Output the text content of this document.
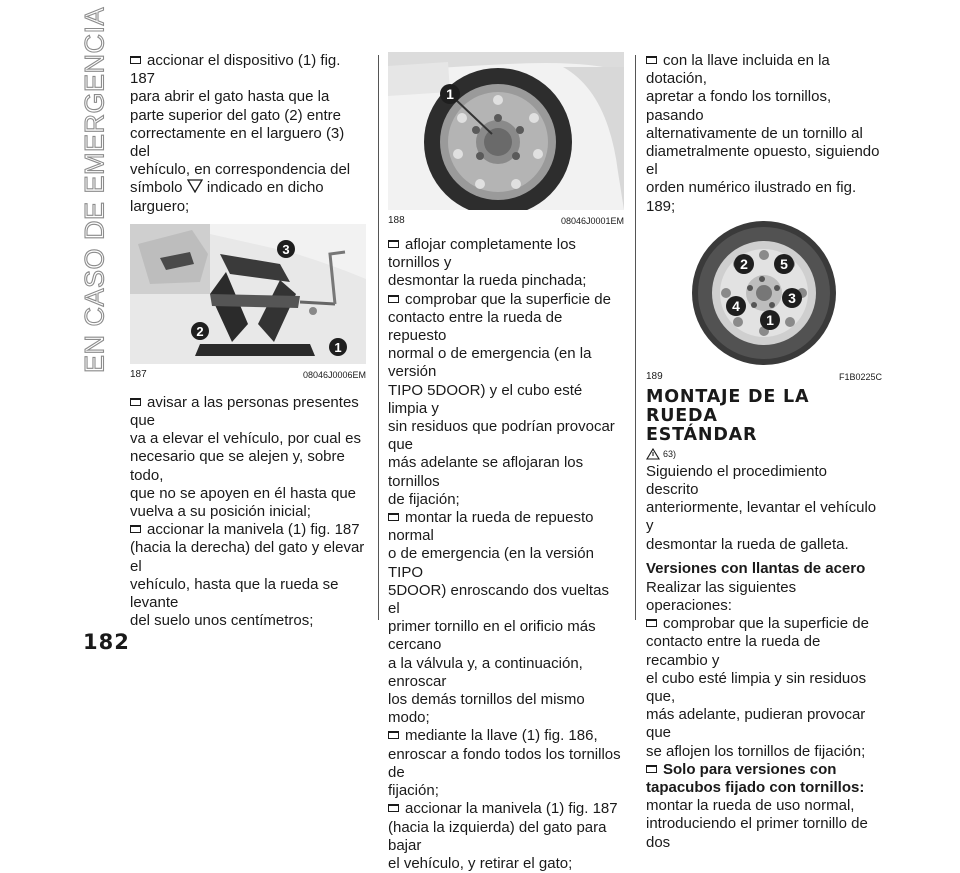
EN CASO DE EMERGENCIA
182

accionar el dispositivo (1) fig. 187
para abrir el gato hasta que la
parte superior del gato (2) entre
correctamente en el larguero (3) del
vehículo, en correspondencia del
símbolo indicado en dicho larguero;

3
2
1
187	08046J0006EM

avisar a las personas presentes que
va a elevar el vehículo, por cual es
necesario que se alejen y, sobre todo,
que no se apoyen en él hasta que
vuelva a su posición inicial;

accionar la manivela (1) fig. 187
(hacia la derecha) del gato y elevar el
vehículo, hasta que la rueda se levante
del suelo unos centímetros;

1
188	08046J0001EM

aflojar completamente los tornillos y
desmontar la rueda pinchada;

comprobar que la superficie de
contacto entre la rueda de repuesto
normal o de emergencia (en la versión
TIPO 5DOOR) y el cubo esté limpia y
sin residuos que podrían provocar que
más adelante se aflojaran los tornillos
de fijación;

montar la rueda de repuesto normal
o de emergencia (en la versión TIPO
5DOOR) enroscando dos vueltas el
primer tornillo en el orificio más cercano
a la válvula y, a continuación, enroscar
los demás tornillos del mismo modo;

mediante la llave (1) fig. 186,
enroscar a fondo todos los tornillos de
fijación;

accionar la manivela (1) fig. 187
(hacia la izquierda) del gato para bajar
el vehículo, y retirar el gato;

con la llave incluida en la dotación,
apretar a fondo los tornillos, pasando
alternativamente de un tornillo al
diametralmente opuesto, siguiendo el
orden numérico ilustrado en fig. 189;

2 5
3
4
1
189	F1B0225C
MONTAJE DE LA RUEDA
ESTÁNDAR
63)

Siguiendo el procedimiento descrito
anteriormente, levantar el vehículo y
desmontar la rueda de galleta.

Versiones con llantas de acero

Realizar las siguientes operaciones:

comprobar que la superficie de
contacto entre la rueda de recambio y
el cubo esté limpia y sin residuos que,
más adelante, pudieran provocar que
se aflojen los tornillos de fijación;

Solo para versiones con
tapacubos fijado con tornillos:
montar la rueda de uso normal,
introduciendo el primer tornillo de dos
